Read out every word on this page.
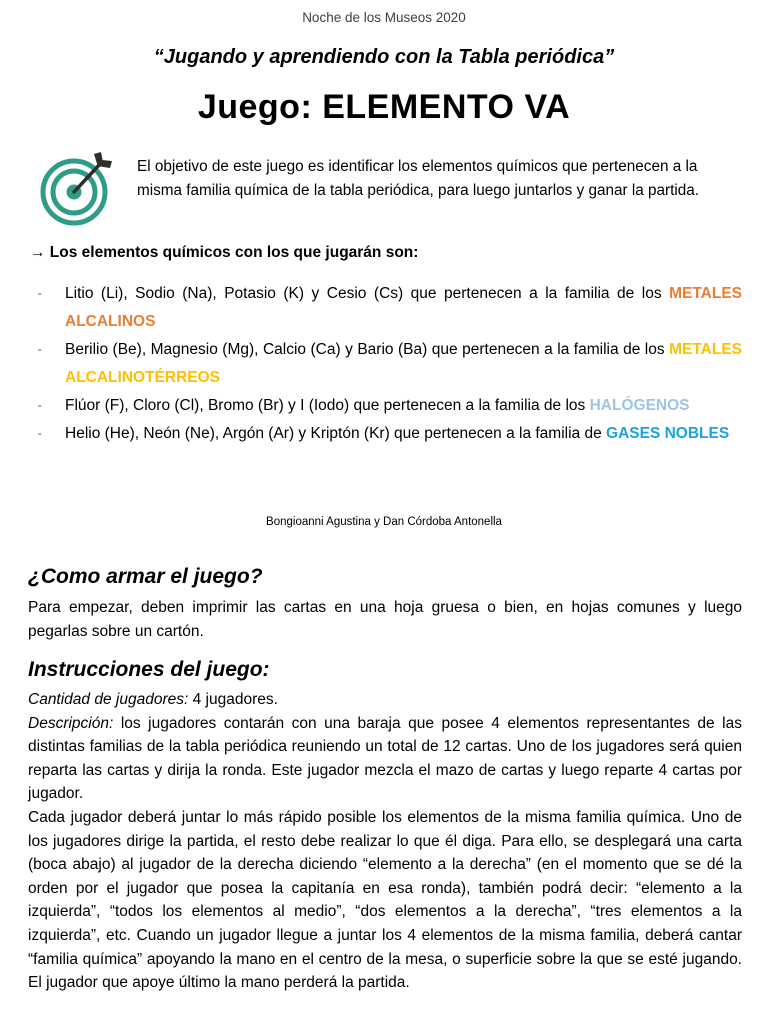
Noche de los Museos 2020
“Jugando y aprendiendo con la Tabla periódica”
Juego: ELEMENTO VA
El objetivo de este juego es identificar los elementos químicos que pertenecen a la misma familia química de la tabla periódica, para luego juntarlos y ganar la partida.
→ Los elementos químicos con los que jugarán son:
- Litio (Li), Sodio (Na), Potasio (K) y Cesio (Cs) que pertenecen a la familia de los METALES ALCALINOS
- Berilio (Be), Magnesio (Mg), Calcio (Ca) y Bario (Ba) que pertenecen a la familia de los METALES ALCALINOTÉRREOS
- Flúor (F), Cloro (Cl), Bromo (Br) y I (Iodo) que pertenecen a la familia de los HALÓGENOS
- Helio (He), Neón (Ne), Argón (Ar) y Kriptón (Kr) que pertenecen a la familia de GASES NOBLES
Bongioanni Agustina y Dan Córdoba Antonella
¿Como armar el juego?
Para empezar, deben imprimir las cartas en una hoja gruesa o bien, en hojas comunes y luego pegarlas sobre un cartón.
Instrucciones del juego:

Cantidad de jugadores: 4 jugadores.

Descripción: los jugadores contarán con una baraja que posee 4 elementos representantes de las distintas familias de la tabla periódica reuniendo un total de 12 cartas. Uno de los jugadores será quien reparta las cartas y dirija la ronda. Este jugador mezcla el mazo de cartas y luego reparte 4 cartas por jugador.

Cada jugador deberá juntar lo más rápido posible los elementos de la misma familia química. Uno de los jugadores dirige la partida, el resto debe realizar lo que él diga. Para ello, se desplegará una carta (boca abajo) al jugador de la derecha diciendo “elemento a la derecha” (en el momento que se dé la orden por el jugador que posea la capitanía en esa ronda), también podrá decir: “elemento a la izquierda”, “todos los elementos al medio”, “dos elementos a la derecha”, “tres elementos a la izquierda”, etc. Cuando un jugador llegue a juntar los 4 elementos de la misma familia, deberá cantar “familia química” apoyando la mano en el centro de la mesa, o superficie sobre la que se esté jugando. El jugador que apoye último la mano perderá la partida.
